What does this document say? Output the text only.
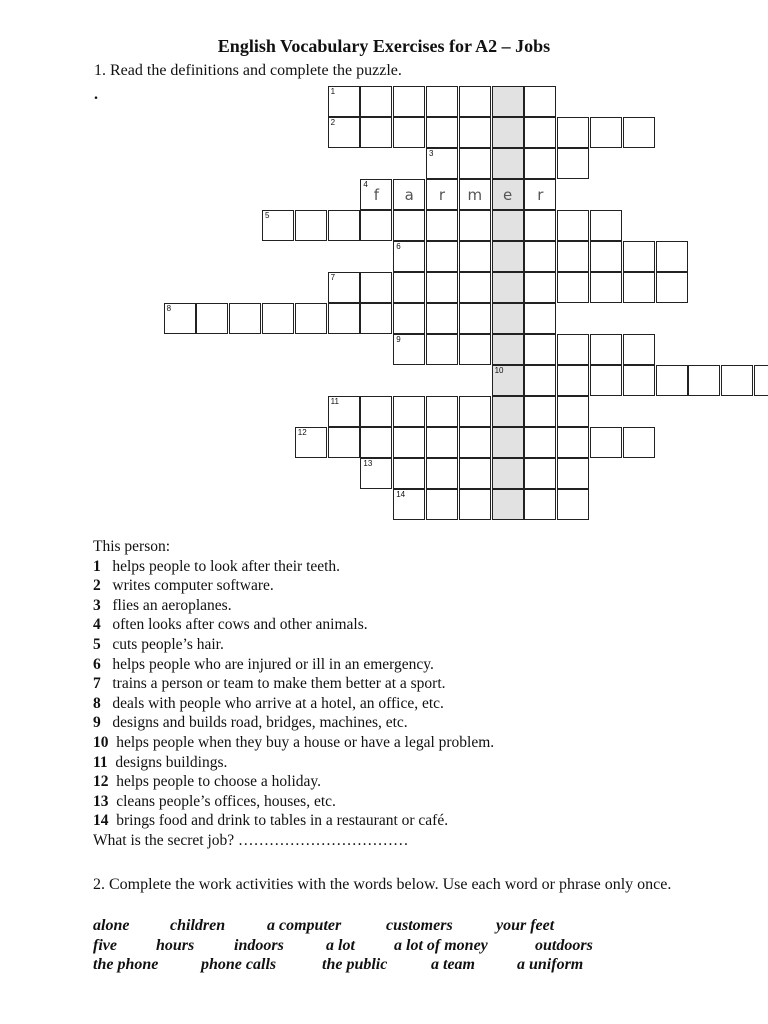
English Vocabulary Exercises for A2 – Jobs
1. Read the definitions and complete the puzzle.
.	1
2
3
4
f	a	r	m	e	r
5
6
7
8
9
10
11
12
13
14
This person:
1 helps people to look after their teeth.
2 writes computer software.
3 flies an aeroplanes.
4 often looks after cows and other animals.
5 cuts people’s hair.
6 helps people who are injured or ill in an emergency.
7 trains a person or team to make them better at a sport.
8 deals with people who arrive at a hotel, an office, etc.
9 designs and builds road, bridges, machines, etc.
10 helps people when they buy a house or have a legal problem.
11 designs buildings.
12 helps people to choose a holiday.
13 cleans people’s offices, houses, etc.
14 brings food and drink to tables in a restaurant or café.
What is the secret job? ……………………………
2. Complete the work activities with the words below. Use each word or phrase only once.
alone	children	a computer	customers	your feet
five hours indoors	a lot a lot of money	outdoors
the phone	phone calls	the public	a team	a uniform
